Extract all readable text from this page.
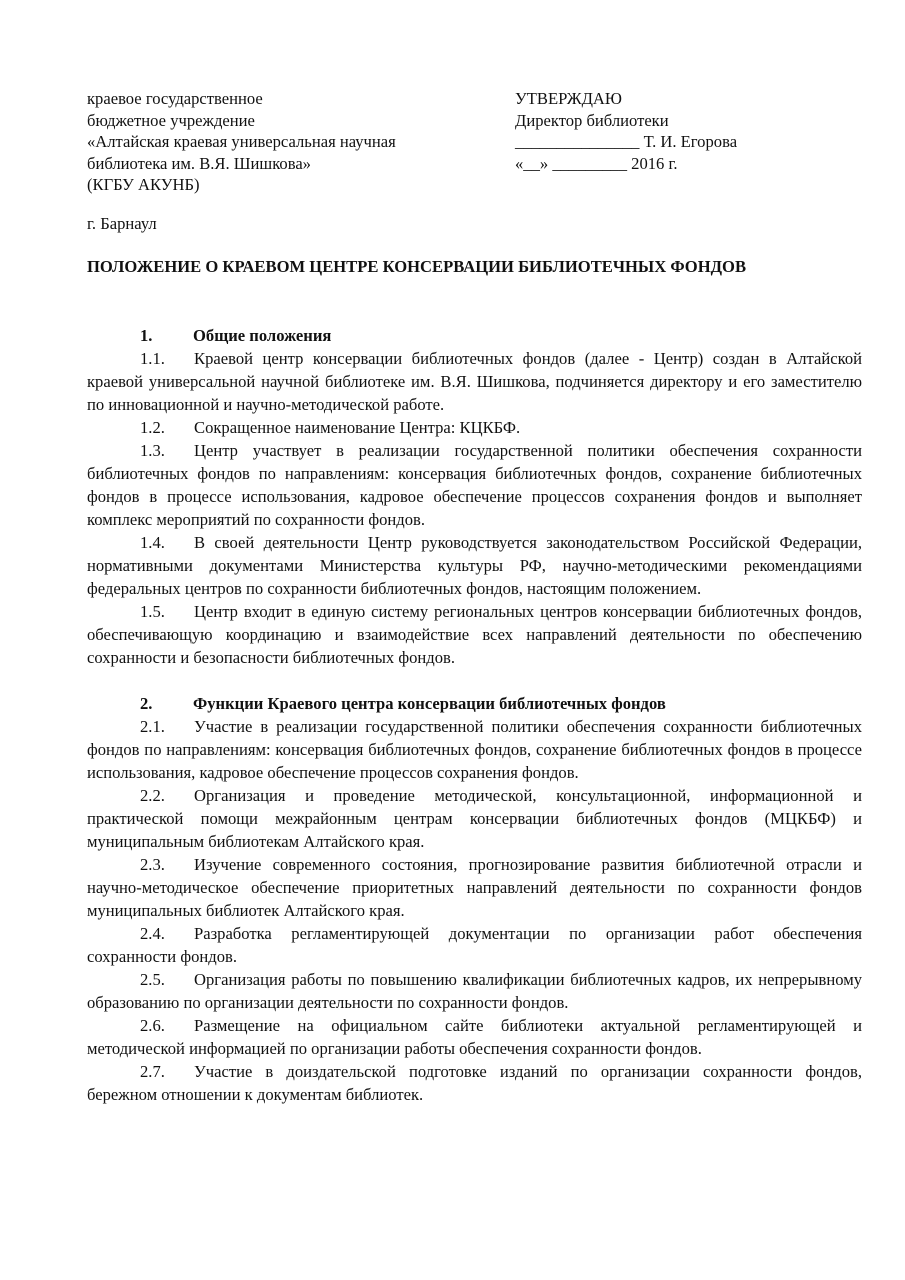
краевое государственное
бюджетное учреждение
«Алтайская краевая универсальная научная
библиотека им. В.Я. Шишкова»
(КГБУ АКУНБ)
УТВЕРЖДАЮ
Директор библиотеки
_______________ Т. И. Егорова
«__» _________ 2016 г.
г. Барнаул
ПОЛОЖЕНИЕ О КРАЕВОМ ЦЕНТРЕ КОНСЕРВАЦИИ БИБЛИОТЕЧНЫХ ФОНДОВ
1. Общие положения

1.1. Краевой центр консервации библиотечных фондов (далее - Центр) создан в Алтайской краевой универсальной научной библиотеке им. В.Я. Шишкова, подчиняется директору и его заместителю по инновационной и научно-методической работе.

1.2. Сокращенное наименование Центра: КЦКБФ.

1.3. Центр участвует в реализации государственной политики обеспечения сохранности библиотечных фондов по направлениям: консервация библиотечных фондов, сохранение библиотечных фондов в процессе использования, кадровое обеспечение процессов сохранения фондов и выполняет комплекс мероприятий по сохранности фондов.

1.4. В своей деятельности Центр руководствуется законодательством Российской Федерации, нормативными документами Министерства культуры РФ, научно-методическими рекомендациями федеральных центров по сохранности библиотечных фондов, настоящим положением.

1.5. Центр входит в единую систему региональных центров консервации библиотечных фондов, обеспечивающую координацию и взаимодействие всех направлений деятельности по обеспечению сохранности и безопасности библиотечных фондов.

2. Функции Краевого центра консервации библиотечных фондов

2.1. Участие в реализации государственной политики обеспечения сохранности библиотечных фондов по направлениям: консервация библиотечных фондов, сохранение библиотечных фондов в процессе использования, кадровое обеспечение процессов сохранения фондов.

2.2. Организация и проведение методической, консультационной, информационной и практической помощи межрайонным центрам консервации библиотечных фондов (МЦКБФ) и муниципальным библиотекам Алтайского края.

2.3. Изучение современного состояния, прогнозирование развития библиотечной отрасли и научно-методическое обеспечение приоритетных направлений деятельности по сохранности фондов муниципальных библиотек Алтайского края.

2.4. Разработка регламентирующей документации по организации работ обеспечения сохранности фондов.

2.5. Организация работы по повышению квалификации библиотечных кадров, их непрерывному образованию по организации деятельности по сохранности фондов.

2.6. Размещение на официальном сайте библиотеки актуальной регламентирующей и методической информацией по организации работы обеспечения сохранности фондов.

2.7. Участие в доиздательской подготовке изданий по организации сохранности фондов, бережном отношении к документам библиотек.
